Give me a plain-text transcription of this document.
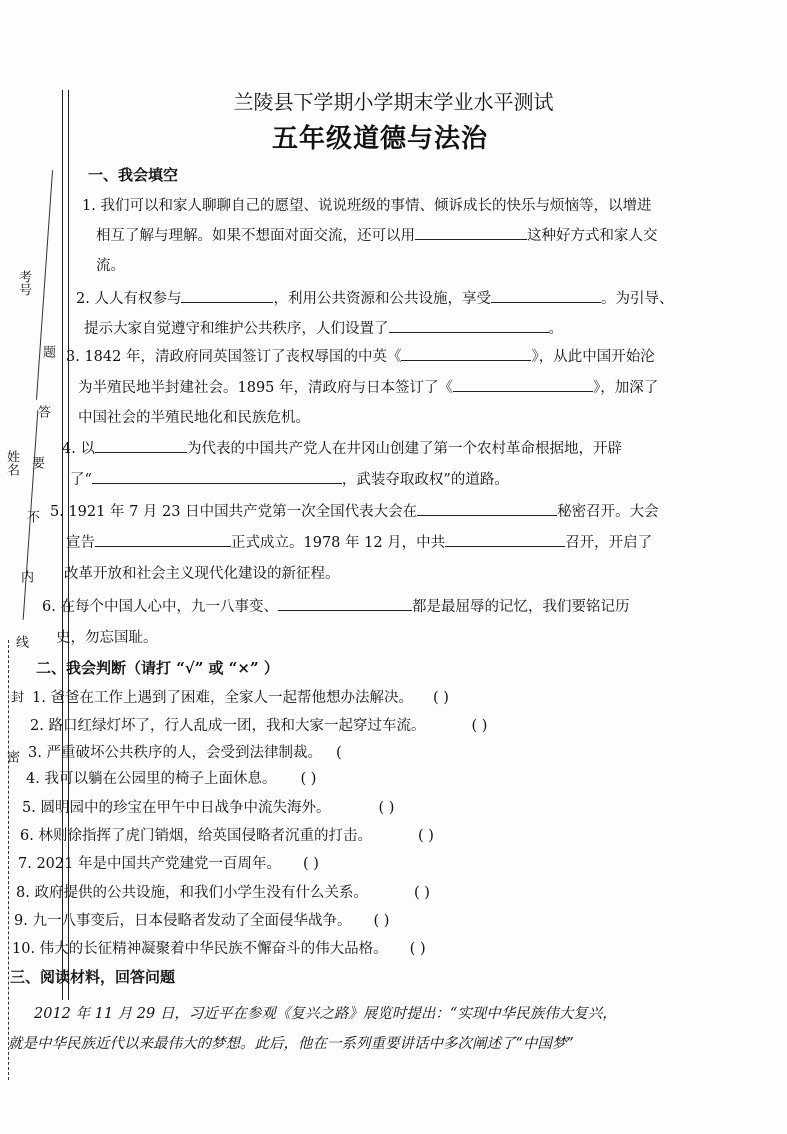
考号
姓名
题
答
要
不
内
线
封
密
兰陵县下学期小学期末学业水平测试
五年级道德与法治
一、我会填空
1. 我们可以和家人聊聊自己的愿望、说说班级的事情、倾诉成长的快乐与烦恼等，以增进
相互了解与理解。如果不想面对面交流，还可以用	这种好方式和家人交
流。
2. 人人有权参与	，利用公共资源和公共设施，享受	。为引导、
提示大家自觉遵守和维护公共秩序，人们设置了	。
3. 1842 年，清政府同英国签订了丧权辱国的中英《	》，从此中国开始沦
为半殖民地半封建社会。1895 年，清政府与日本签订了《	》，加深了
中国社会的半殖民地化和民族危机。
4. 以	为代表的中国共产党人在井冈山创建了第一个农村革命根据地，开辟
了“	，武装夺取政权”的道路。
5. 1921 年 7 月 23 日中国共产党第一次全国代表大会在	秘密召开。大会
宣告	正式成立。1978 年 12 月，中共	召开，开启了
改革开放和社会主义现代化建设的新征程。
6. 在每个中国人心中，九一八事变、	都是最屈辱的记忆，我们要铭记历
史，勿忘国耻。
二、我会判断（请打 “√” 或 “×” ）
1. 爸爸在工作上遇到了困难，全家人一起帮他想办法解决。 ( )
2. 路口红绿灯坏了，行人乱成一团，我和大家一起穿过车流。	( )
3. 严重破坏公共秩序的人，会受到法律制裁。 (
4. 我可以躺在公园里的椅子上面休息。 ( )
5. 圆明园中的珍宝在甲午中日战争中流失海外。	( )
6. 林则徐指挥了虎门销烟，给英国侵略者沉重的打击。	( )
7. 2021 年是中国共产党建党一百周年。 ( )
8. 政府提供的公共设施，和我们小学生没有什么关系。	( )
9. 九一八事变后，日本侵略者发动了全面侵华战争。 ( )
10. 伟大的长征精神凝聚着中华民族不懈奋斗的伟大品格。 ( )
三、阅读材料，回答问题
2012 年 11 月 29 日，习近平在参观《复兴之路》展览时提出：“实现中华民族伟大复兴，
就是中华民族近代以来最伟大的梦想。此后，他在一系列重要讲话中多次阐述了“中国梦”
